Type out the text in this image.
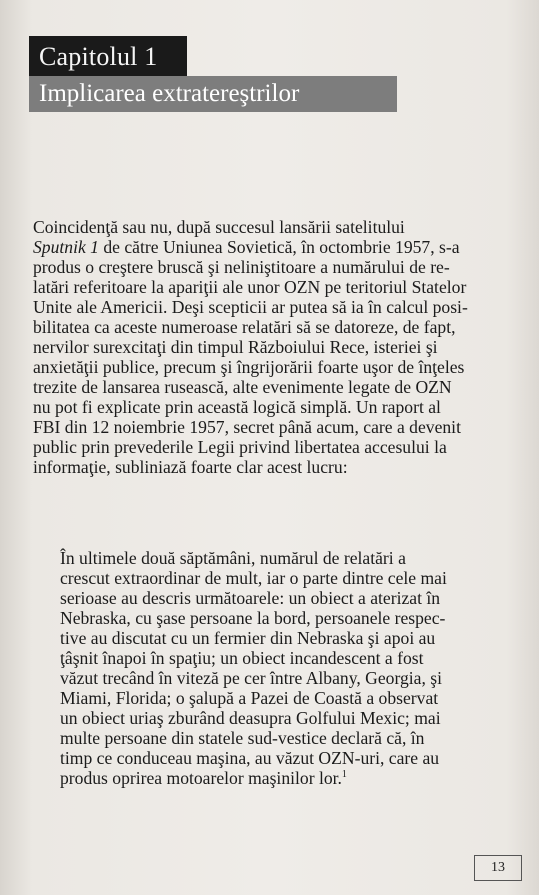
Capitolul 1
Implicarea extratereştrilor

Coincidenţă sau nu, după succesul lansării satelitului
Sputnik 1 de către Uniunea Sovietică, în octombrie 1957, s-a
produs o creştere bruscă şi neliniştitoare a numărului de re-
latări referitoare la apariţii ale unor OZN pe teritoriul Statelor
Unite ale Americii. Deşi scepticii ar putea să ia în calcul posi-
bilitatea ca aceste numeroase relatări să se datoreze, de fapt,
nervilor surexcitaţi din timpul Războiului Rece, isteriei şi
anxietăţii publice, precum şi îngrijorării foarte uşor de înţeles
trezite de lansarea rusească, alte evenimente legate de OZN
nu pot fi explicate prin această logică simplă. Un raport al
FBI din 12 noiembrie 1957, secret până acum, care a devenit
public prin prevederile Legii privind libertatea accesului la
informaţie, subliniază foarte clar acest lucru:

În ultimele două săptămâni, numărul de relatări a
crescut extraordinar de mult, iar o parte dintre cele mai
serioase au descris următoarele: un obiect a aterizat în
Nebraska, cu şase persoane la bord, persoanele respec-
tive au discutat cu un fermier din Nebraska şi apoi au
ţâşnit înapoi în spaţiu; un obiect incandescent a fost
văzut trecând în viteză pe cer între Albany, Georgia, şi
Miami, Florida; o şalupă a Pazei de Coastă a observat
un obiect uriaş zburând deasupra Golfului Mexic; mai
multe persoane din statele sud-vestice declară că, în
timp ce conduceau maşina, au văzut OZN-uri, care au
produs oprirea motoarelor maşinilor lor.$^1$

13
